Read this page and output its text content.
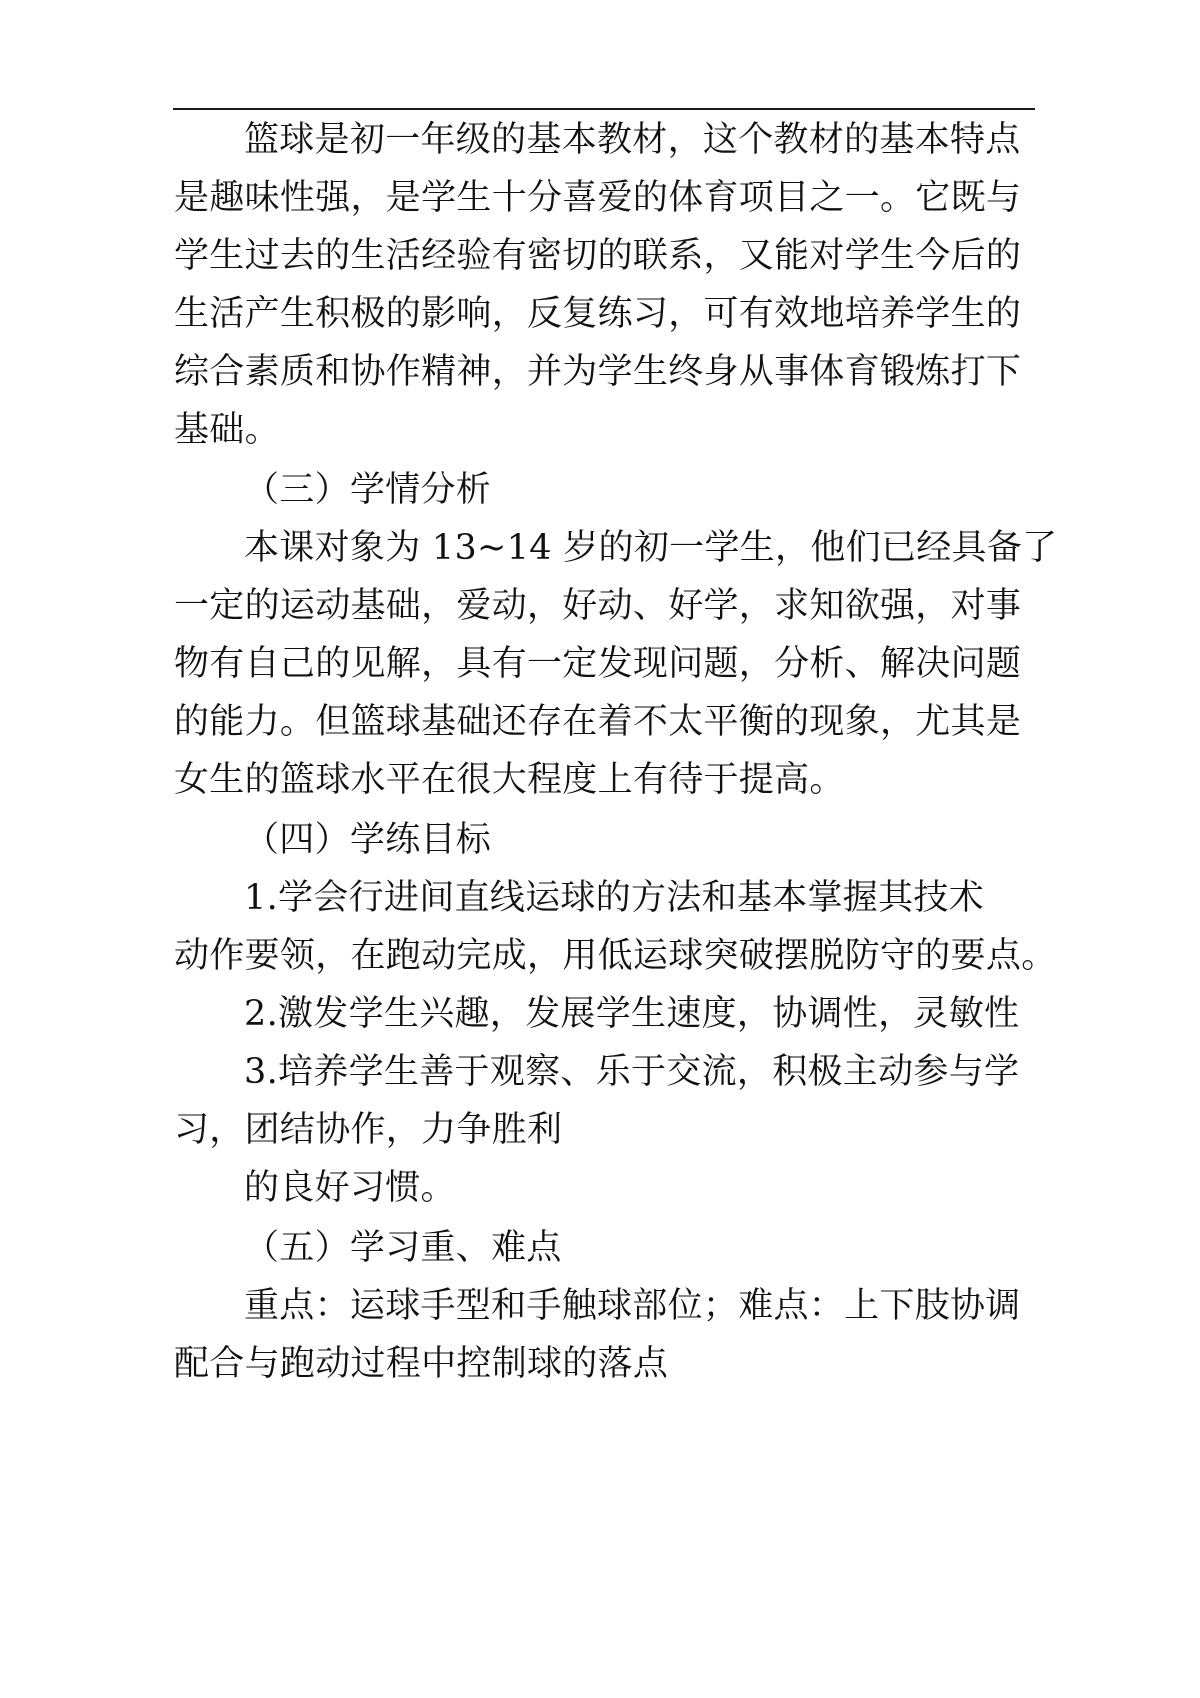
篮球是初一年级的基本教材，这个教材的基本特点

是趣味性强，是学生十分喜爱的体育项目之一。它既与

学生过去的生活经验有密切的联系，又能对学生今后的

生活产生积极的影响，反复练习，可有效地培养学生的

综合素质和协作精神，并为学生终身从事体育锻炼打下

基础。

（三）学情分析

本课对象为 13~14 岁的初一学生，他们已经具备了

一定的运动基础，爱动，好动、好学，求知欲强，对事

物有自己的见解，具有一定发现问题，分析、解决问题

的能力。但篮球基础还存在着不太平衡的现象，尤其是

女生的篮球水平在很大程度上有待于提高。

（四）学练目标

1.学会行进间直线运球的方法和基本掌握其技术

动作要领，在跑动完成，用低运球突破摆脱防守的要点。

2.激发学生兴趣，发展学生速度，协调性，灵敏性

3.培养学生善于观察、乐于交流，积极主动参与学

习，团结协作，力争胜利

的良好习惯。

（五）学习重、难点

重点：运球手型和手触球部位；难点：上下肢协调

配合与跑动过程中控制球的落点
